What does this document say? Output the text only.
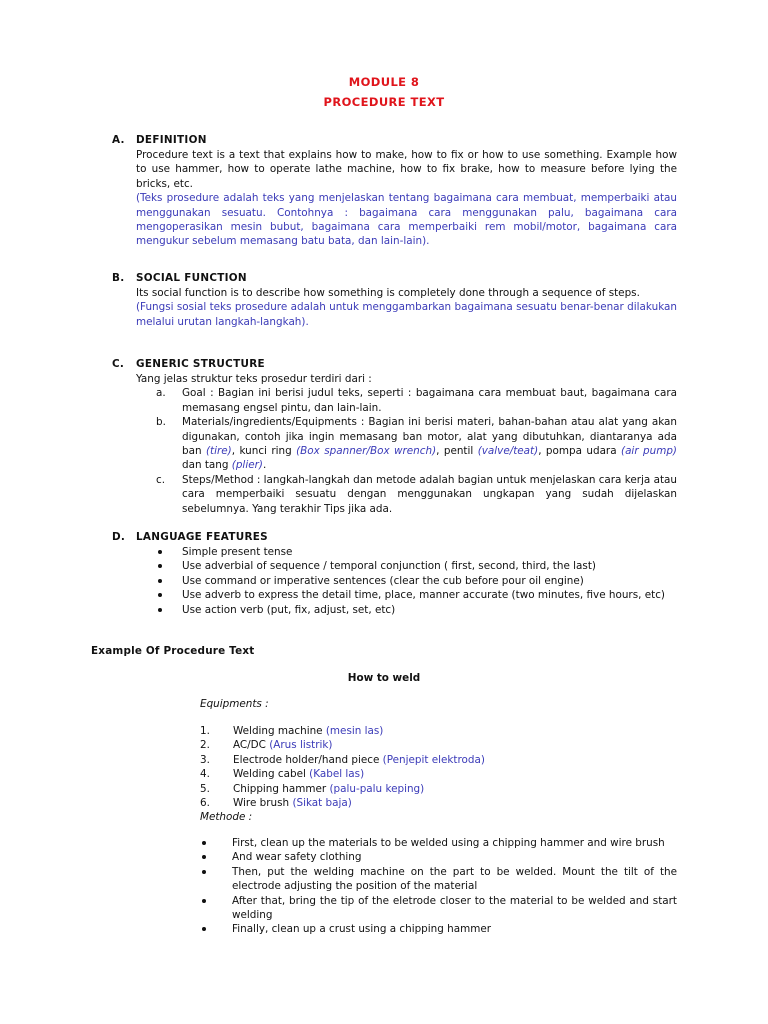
MODULE 8
PROCEDURE TEXT
A. DEFINITION

Procedure text is a text that explains how to make, how to fix or how to use something. Example how to use hammer, how to operate lathe machine, how to fix brake, how to measure before lying the bricks, etc.

(Teks prosedure adalah teks yang menjelaskan tentang bagaimana cara membuat, memperbaiki atau menggunakan sesuatu. Contohnya : bagaimana cara menggunakan palu, bagaimana cara mengoperasikan mesin bubut, bagaimana cara memperbaiki rem mobil/motor, bagaimana cara mengukur sebelum memasang batu bata, dan lain-lain).

B. SOCIAL FUNCTION

Its social function is to describe how something is completely done through a sequence of steps.

(Fungsi sosial teks prosedure adalah untuk menggambarkan bagaimana sesuatu benar-benar dilakukan melalui urutan langkah-langkah).

C. GENERIC STRUCTURE

Yang jelas struktur teks prosedur terdiri dari :

a. Goal : Bagian ini berisi judul teks, seperti : bagaimana cara membuat baut, bagaimana cara memasang engsel pintu, dan lain-lain.
b. Materials/ingredients/Equipments : Bagian ini berisi materi, bahan-bahan atau alat yang akan digunakan, contoh jika ingin memasang ban motor, alat yang dibutuhkan, diantaranya ada ban (tire), kunci ring (Box spanner/Box wrench), pentil (valve/teat), pompa udara (air pump) dan tang (plier).
c. Steps/Method : langkah-langkah dan metode adalah bagian untuk menjelaskan cara kerja atau cara memperbaiki sesuatu dengan menggunakan ungkapan yang sudah dijelaskan sebelumnya. Yang terakhir Tips jika ada.
D. LANGUAGE FEATURES
Simple present tense
Use adverbial of sequence / temporal conjunction ( first, second, third, the last)
Use command or imperative sentences (clear the cub before pour oil engine)
Use adverb to express the detail time, place, manner accurate (two minutes, five hours, etc)
Use action verb (put, fix, adjust, set, etc)
Example Of Procedure Text
How to weld
Equipments :
1. Welding machine (mesin las)
2. AC/DC (Arus listrik)
3. Electrode holder/hand piece (Penjepit elektroda)
4. Welding cabel (Kabel las)
5. Chipping hammer (palu-palu keping)
6. Wire brush (Sikat baja)

Methode :

First, clean up the materials to be welded using a chipping hammer and wire brush
And wear safety clothing
Then, put the welding machine on the part to be welded. Mount the tilt of the electrode adjusting the position of the material
After that, bring the tip of the eletrode closer to the material to be welded and start welding
Finally, clean up a crust using a chipping hammer
